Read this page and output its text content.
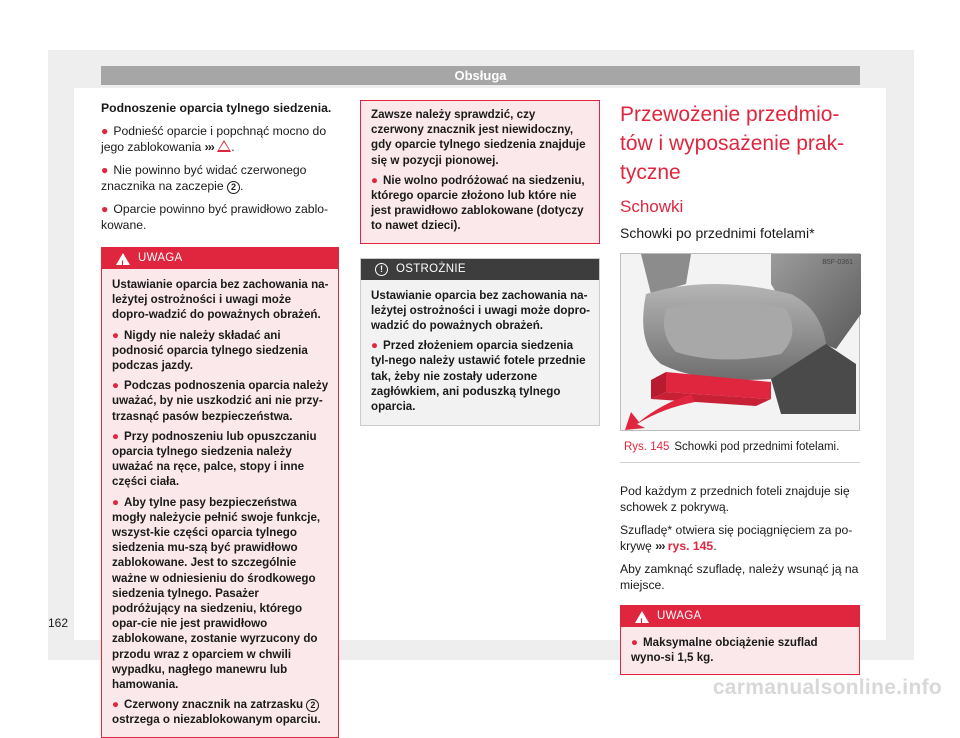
Obsługa

Podnoszenie oparcia tylnego siedzenia.

● Podnieść oparcie i popchnąć mocno do jego zablokowania ››› .

● Nie powinno być widać czerwonego znacznika na zaczepie 2 .

● Oparcie powinno być prawidłowo zablo-kowane.

!
UWAGA

Ustawianie oparcia bez zachowania na-leżytej ostrożności i uwagi może dopro-wadzić do poważnych obrażeń.

● Nigdy nie należy składać ani podnosić oparcia tylnego siedzenia podczas jazdy.

● Podczas podnoszenia oparcia należy uważać, by nie uszkodzić ani nie przy-trzasnąć pasów bezpieczeństwa.

● Przy podnoszeniu lub opuszczaniu oparcia tylnego siedzenia należy uważać na ręce, palce, stopy i inne części ciała.

● Aby tylne pasy bezpieczeństwa mogły należycie pełnić swoje funkcje, wszyst-kie części oparcia tylnego siedzenia mu-szą być prawidłowo zablokowane. Jest to szczególnie ważne w odniesieniu do środkowego siedzenia tylnego. Pasażer podróżujący na siedzeniu, którego opar-cie nie jest prawidłowo zablokowane, zostanie wyrzucony do przodu wraz z oparciem w chwili wypadku, nagłego manewru lub hamowania.

● Czerwony znacznik na zatrzasku 2 ostrzega o niezablokowanym oparciu.

Zawsze należy sprawdzić, czy czerwony znacznik jest niewidoczny, gdy oparcie tylnego siedzenia znajduje się w pozycji pionowej.

● Nie wolno podróżować na siedzeniu, którego oparcie złożono lub które nie jest prawidłowo zablokowane (dotyczy to nawet dzieci).

!	OSTROŻNIE

Ustawianie oparcia bez zachowania na-leżytej ostrożności i uwagi może dopro-wadzić do poważnych obrażeń.

● Przed złożeniem oparcia siedzenia tyl-nego należy ustawić fotele przednie tak, żeby nie zostały uderzone zagłówkiem, ani poduszką tylnego oparcia.

Przewożenie przedmio-
tów i wyposażenie prak-
tyczne
Schowki
Schowki po przednimi fotelami*
B5F-0361

Rys. 145 Schowki pod przednimi fotelami.

Pod każdym z przednich foteli znajduje się schowek z pokrywą.

Szufladę* otwiera się pociągnięciem za po-krywę ››› rys. 145.

Aby zamknąć szufladę, należy wsunąć ją na miejsce.

!
UWAGA

● Maksymalne obciążenie szuflad wyno-si 1,5 kg.

162
carmanualsonline.info
